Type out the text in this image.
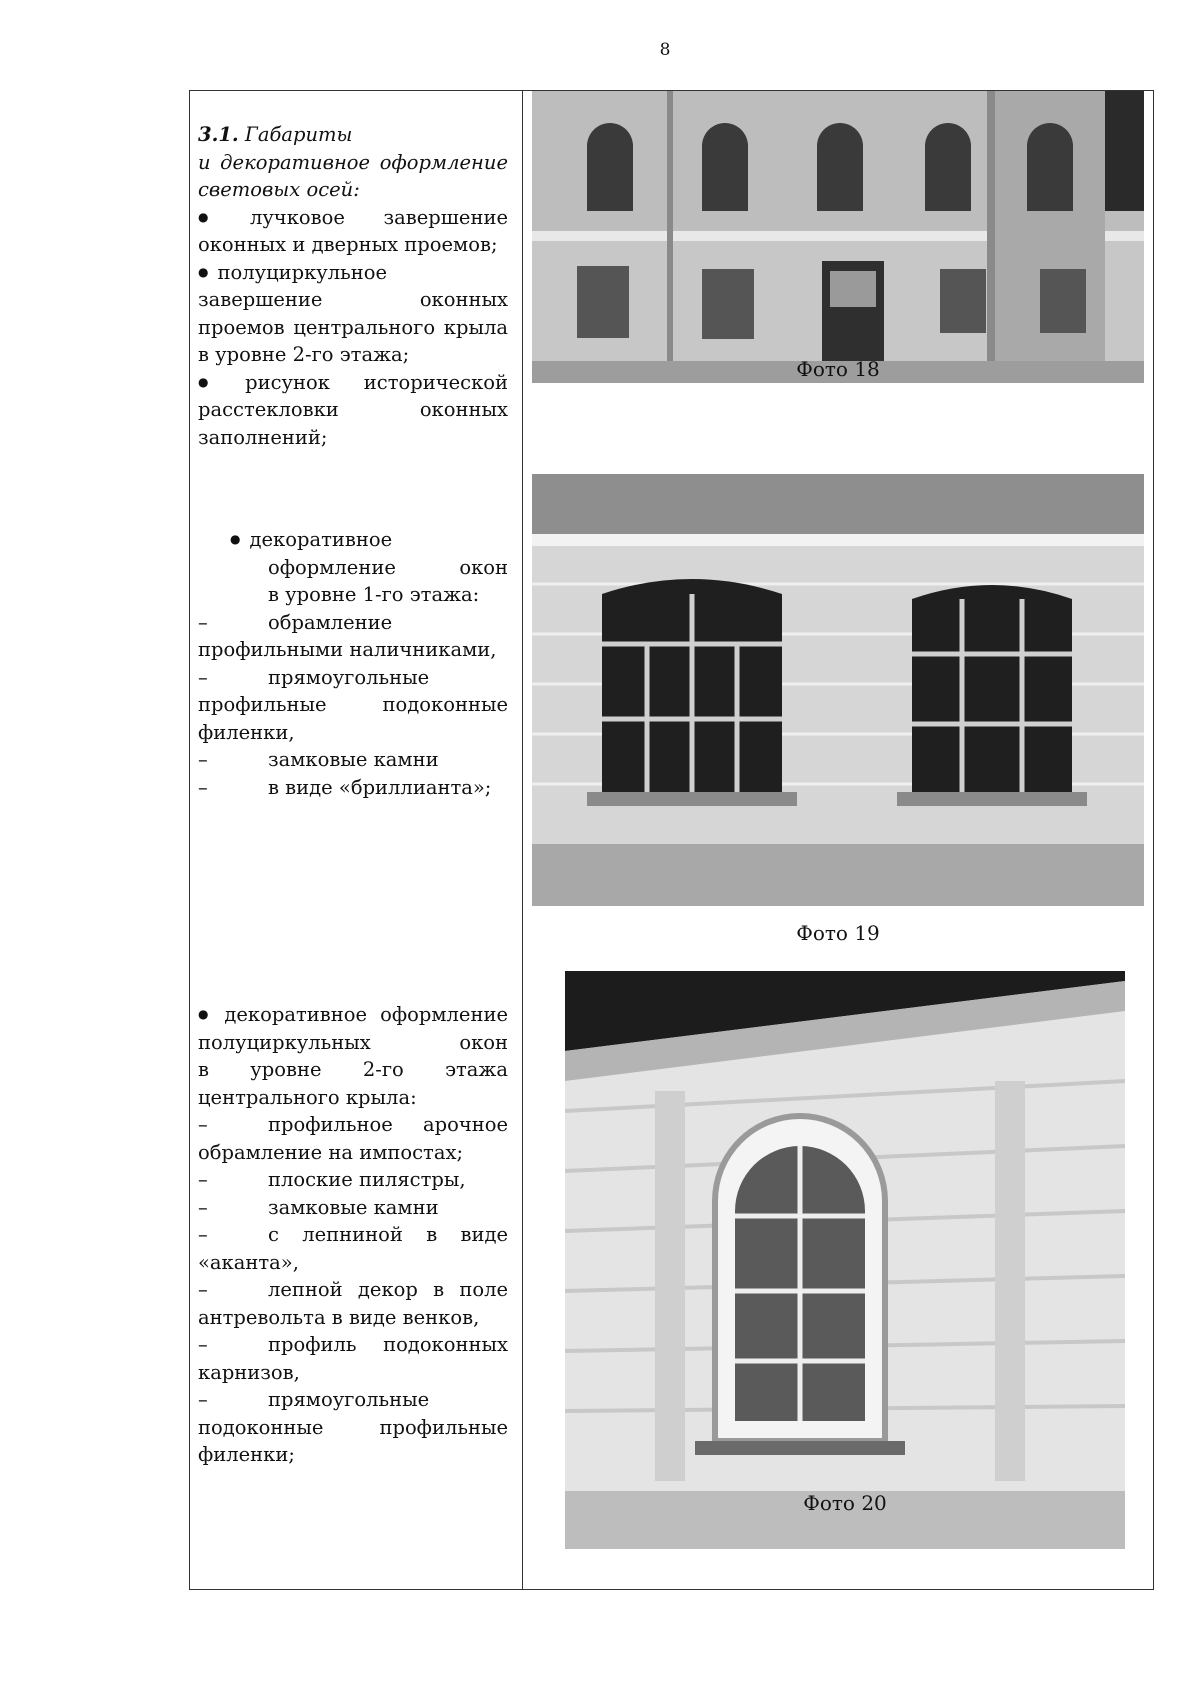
8
3.1. Габариты
и декоративное оформление
световых осей:
● лучковое завершение
оконных и дверных проемов;
● полуциркульное
завершение оконных
проемов центрального крыла
в уровне 2-го этажа;
● рисунок исторической
расстекловки оконных
заполнений;
● декоративное
оформление окон
в уровне 1-го этажа:
–	обрамление
профильными наличниками,
–	прямоугольные
профильные подоконные
филенки,
–	замковые камни
–	в виде «бриллианта»;
● декоративное оформление
полуциркульных окон
в уровне 2-го этажа
центрального крыла:
–	профильное арочное
обрамление на импостах;
–	плоские пилястры,
–	замковые камни
–	с лепниной в виде
«аканта»,
–	лепной декор в поле
антревольта в виде венков,
–	профиль подоконных
карнизов,
–	прямоугольные
подоконные профильные
филенки;
Фото 18
Фото 19
Фото 20
